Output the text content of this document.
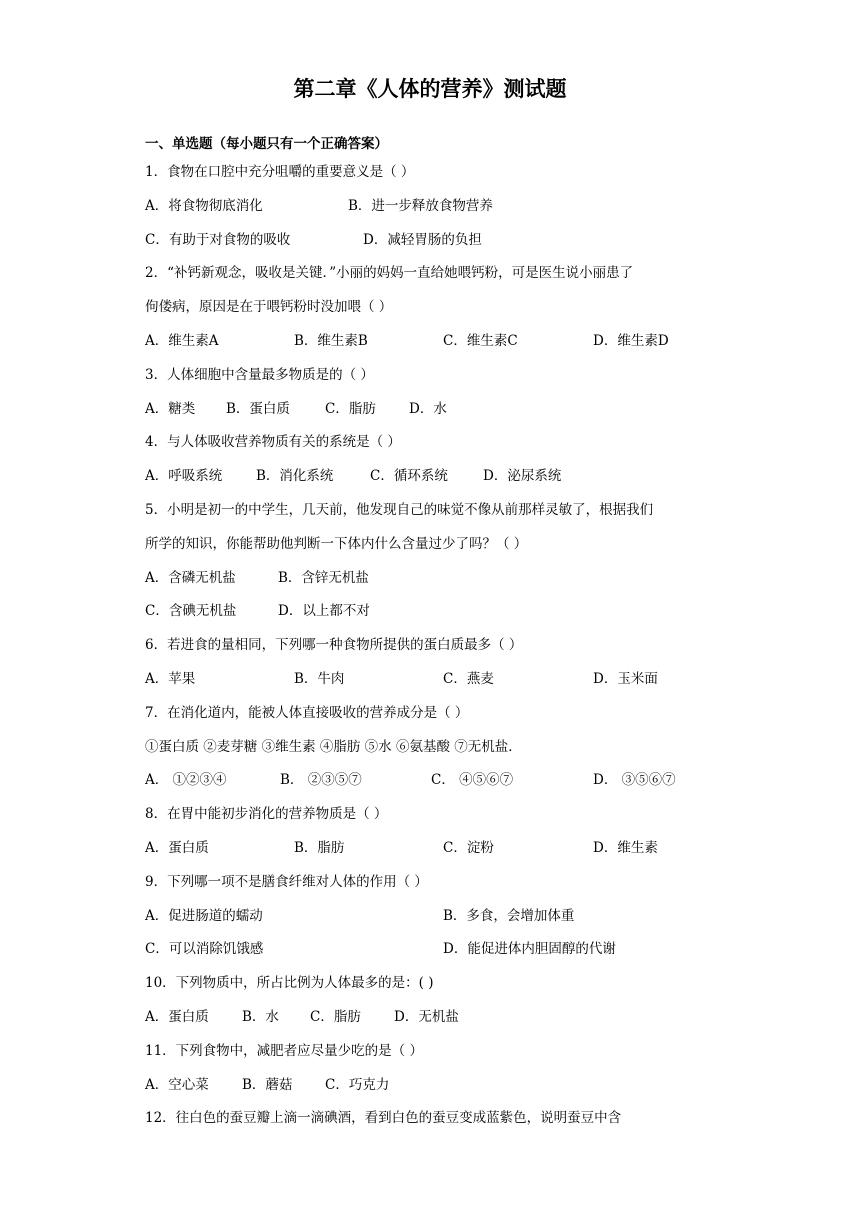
第二章《人体的营养》测试题
一、单选题（每小题只有一个正确答案）
1．食物在口腔中充分咀嚼的重要意义是（ ）
A．将食物彻底消化	B．进一步释放食物营养
C．有助于对食物的吸收	D．减轻胃肠的负担
2．“补钙新观念，吸收是关键．”小丽的妈妈一直给她喂钙粉，可是医生说小丽患了
佝偻病，原因是在于喂钙粉时没加喂（ ）
A．维生素A	B．维生素B	C．维生素C	D．维生素D
3．人体细胞中含量最多物质是的（ ）
A．糖类 B．蛋白质	C．脂肪 D．水
4．与人体吸收营养物质有关的系统是（ ）
A．呼吸系统	B．消化系统	C．循环系统	D．泌尿系统
5．小明是初一的中学生，几天前，他发现自己的味觉不像从前那样灵敏了，根据我们
所学的知识，你能帮助他判断一下体内什么含量过少了吗？（ ）
A．含磷无机盐	B．含锌无机盐
C．含碘无机盐	D．以上都不对
6．若进食的量相同，下列哪一种食物所提供的蛋白质最多（ ）
A．苹果	B．牛肉	C．燕麦	D．玉米面
7．在消化道内，能被人体直接吸收的营养成分是（ ）
①蛋白质 ②麦芽糖 ③维生素 ④脂肪 ⑤水 ⑥氨基酸 ⑦无机盐．
A． ①②③④	B． ②③⑤⑦	C． ④⑤⑥⑦	D． ③⑤⑥⑦
8．在胃中能初步消化的营养物质是（ ）
A．蛋白质	B．脂肪	C．淀粉	D．维生素
9．下列哪一项不是膳食纤维对人体的作用（ ）
A．促进肠道的蠕动	B．多食，会增加体重
C．可以消除饥饿感	D．能促进体内胆固醇的代谢
10．下列物质中，所占比例为人体最多的是：( )
A．蛋白质 B．水 C．脂肪 D．无机盐
11．下列食物中，减肥者应尽量少吃的是（ ）
A．空心菜 B．蘑菇 C．巧克力
12．往白色的蚕豆瓣上滴一滴碘酒，看到白色的蚕豆变成蓝紫色，说明蚕豆中含
